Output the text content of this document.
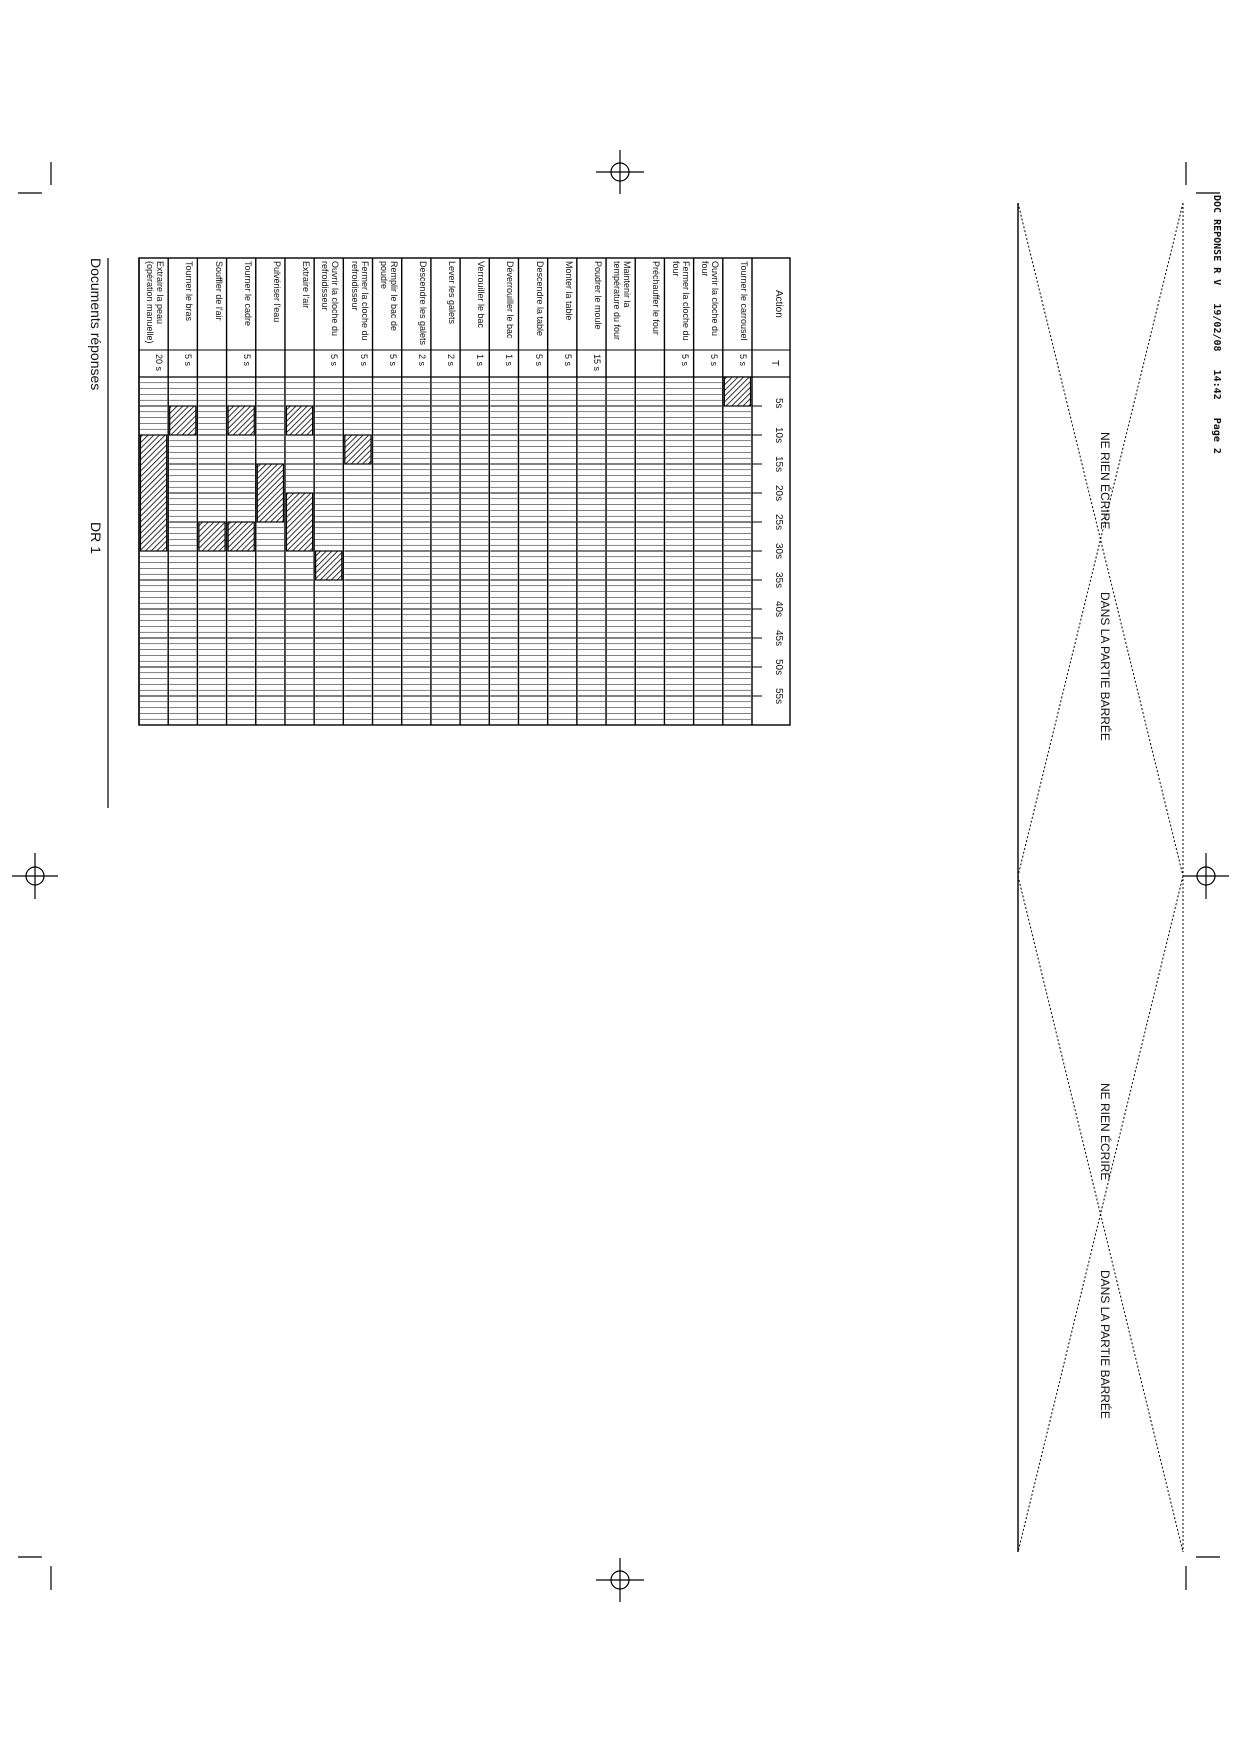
DOC REPONSE R V   19/02/08   14:42   Page 2
NE RIEN ÉCRIRE
DANS LA PARTIE BARRÉE
NE RIEN ÉCRIRE
DANS LA PARTIE BARRÉE
Documents réponses
DR 1
Action
T
5s
10s
15s
20s
25s
30s
35s
40s
45s
50s
55s
Tourner le carrousel
5 s
Ouvrir la cloche du four
5 s
Fermer la cloche du four
5 s
Préchauffer le four
Maintenir la température du four
Poudrer le moule
15 s
Monter la table
5 s
Descendre la table
5 s
Déverrouiller le bac
1 s
Verrouiller le bac
1 s
Lever les galets
2 s
Descendre les galets
2 s
Remplir le bac de poudre
5 s
Fermer la cloche du refroidisseur
5 s
Ouvrir la cloche du refroidisseur
5 s
Extraire l'air
Pulvériser l'eau
Tourner le cadre
5 s
Souffler de l'air
Tourner le bras
5 s
Extraire la peau (opération manuelle)
20 s
